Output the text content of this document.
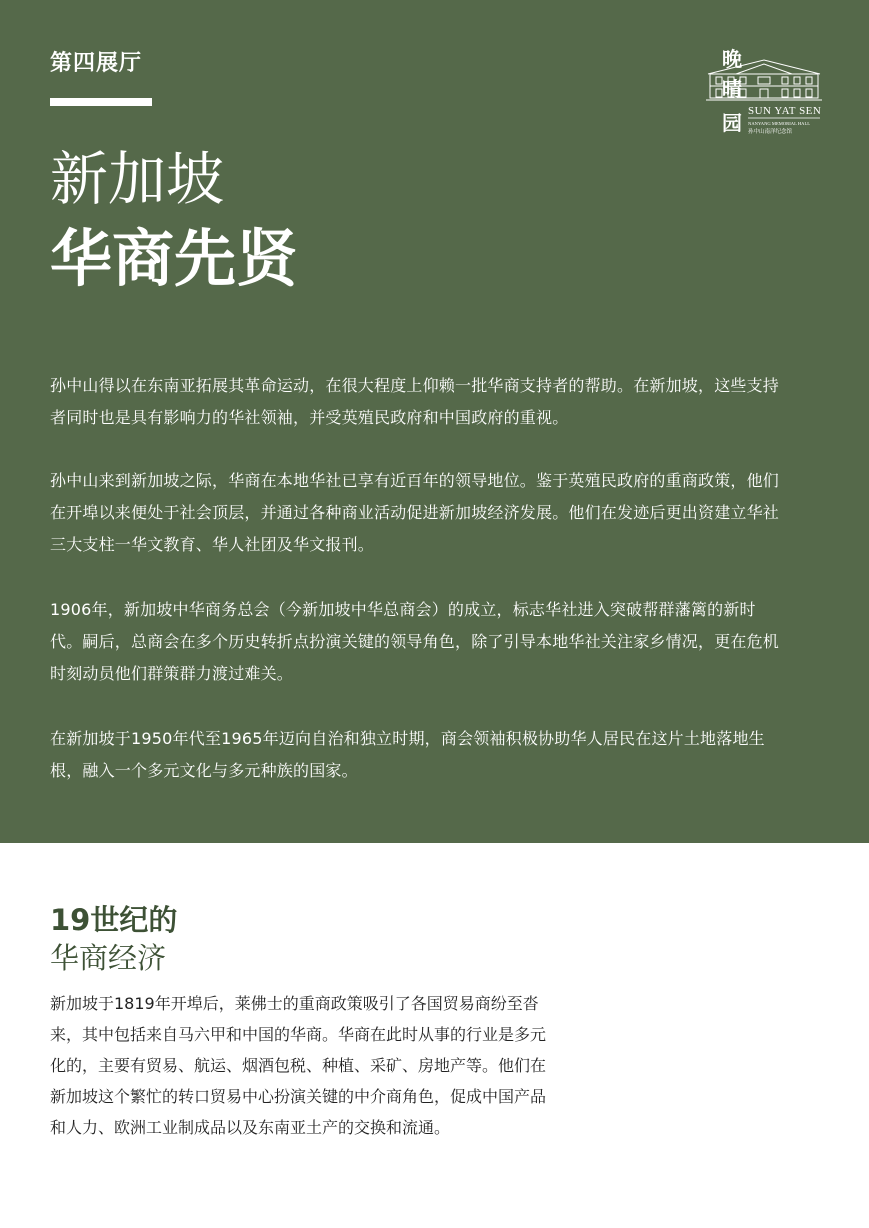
第四展厅
新加坡
华商先贤
晚
晴
园 SUN YAT SEN
NANYANG MEMORIAL HALL
孙中山南洋纪念馆

孙中山得以在东南亚拓展其革命运动，在很大程度上仰赖一批华商支持者的帮助。在新加坡，这些支持者同时也是具有影响力的华社领袖，并受英殖民政府和中国政府的重视。

孙中山来到新加坡之际，华商在本地华社已享有近百年的领导地位。鉴于英殖民政府的重商政策，他们在开埠以来便处于社会顶层，并通过各种商业活动促进新加坡经济发展。他们在发迹后更出资建立华社三大支柱一华文教育、华人社团及华文报刊。

1906年，新加坡中华商务总会（今新加坡中华总商会）的成立，标志华社进入突破帮群藩篱的新时代。嗣后，总商会在多个历史转折点扮演关键的领导角色，除了引导本地华社关注家乡情况，更在危机时刻动员他们群策群力渡过难关。

在新加坡于1950年代至1965年迈向自治和独立时期，商会领袖积极协助华人居民在这片土地落地生根，融入一个多元文化与多元种族的国家。

19世纪的
华商经济

新加坡于1819年开埠后，莱佛士的重商政策吸引了各国贸易商纷至沓来，其中包括来自马六甲和中国的华商。华商在此时从事的行业是多元化的，主要有贸易、航运、烟酒包税、种植、采矿、房地产等。他们在新加坡这个繁忙的转口贸易中心扮演关键的中介商角色，促成中国产品和人力、欧洲工业制成品以及东南亚土产的交换和流通。
